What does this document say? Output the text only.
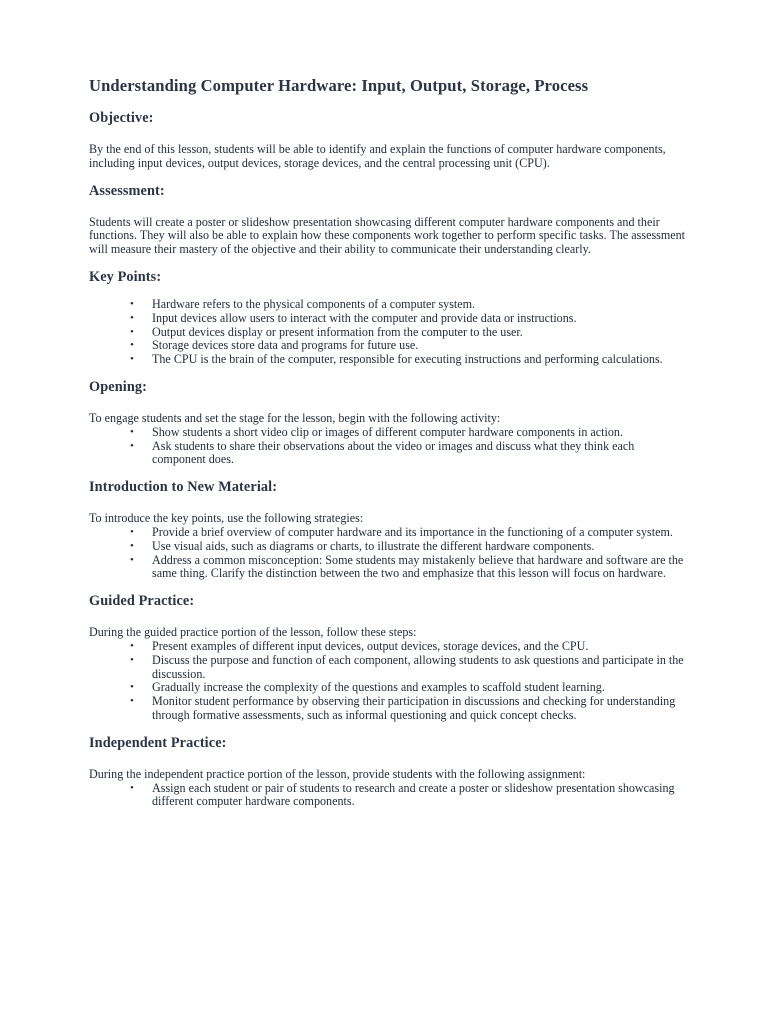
Understanding Computer Hardware: Input, Output, Storage, Process
Objective:

By the end of this lesson, students will be able to identify and explain the functions of computer hardware components, including input devices, output devices, storage devices, and the central processing unit (CPU).

Assessment:

Students will create a poster or slideshow presentation showcasing different computer hardware components and their functions. They will also be able to explain how these components work together to perform specific tasks. The assessment will measure their mastery of the objective and their ability to communicate their understanding clearly.

Key Points:
• Hardware refers to the physical components of a computer system.
• Input devices allow users to interact with the computer and provide data or instructions.
• Output devices display or present information from the computer to the user.
• Storage devices store data and programs for future use.
• The CPU is the brain of the computer, responsible for executing instructions and performing calculations.
Opening:

To engage students and set the stage for the lesson, begin with the following activity:

• Show students a short video clip or images of different computer hardware components in action.
• Ask students to share their observations about the video or images and discuss what they think each component does.
Introduction to New Material:

To introduce the key points, use the following strategies:

• Provide a brief overview of computer hardware and its importance in the functioning of a computer system.
• Use visual aids, such as diagrams or charts, to illustrate the different hardware components.
• Address a common misconception: Some students may mistakenly believe that hardware and software are the same thing. Clarify the distinction between the two and emphasize that this lesson will focus on hardware.
Guided Practice:

During the guided practice portion of the lesson, follow these steps:

• Present examples of different input devices, output devices, storage devices, and the CPU.
• Discuss the purpose and function of each component, allowing students to ask questions and participate in the discussion.
• Gradually increase the complexity of the questions and examples to scaffold student learning.
• Monitor student performance by observing their participation in discussions and checking for understanding through formative assessments, such as informal questioning and quick concept checks.
Independent Practice:

During the independent practice portion of the lesson, provide students with the following assignment:

• Assign each student or pair of students to research and create a poster or slideshow presentation showcasing different computer hardware components.
